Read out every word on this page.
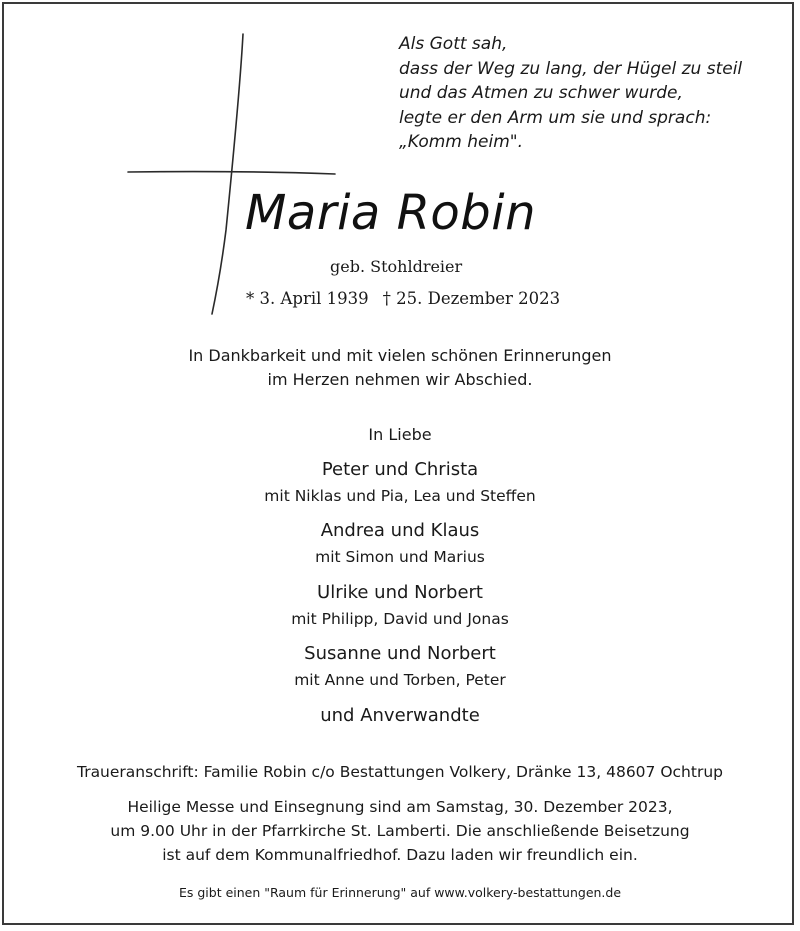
Als Gott sah,
dass der Weg zu lang, der Hügel zu steil
und das Atmen zu schwer wurde,
legte er den Arm um sie und sprach:
„Komm heim".
Maria Robin
geb. Stohldreier
* 3. April 1939 † 25. Dezember 2023
In Dankbarkeit und mit vielen schönen Erinnerungen
im Herzen nehmen wir Abschied.
In Liebe
Peter und Christa
mit Niklas und Pia, Lea und Steffen
Andrea und Klaus
mit Simon und Marius
Ulrike und Norbert
mit Philipp, David und Jonas
Susanne und Norbert
mit Anne und Torben, Peter
und Anverwandte
Traueranschrift: Familie Robin c/o Bestattungen Volkery, Dränke 13, 48607 Ochtrup
Heilige Messe und Einsegnung sind am Samstag, 30. Dezember 2023,
um 9.00 Uhr in der Pfarrkirche St. Lamberti. Die anschließende Beisetzung
ist auf dem Kommunalfriedhof. Dazu laden wir freundlich ein.
Es gibt einen "Raum für Erinnerung" auf www.volkery-bestattungen.de
